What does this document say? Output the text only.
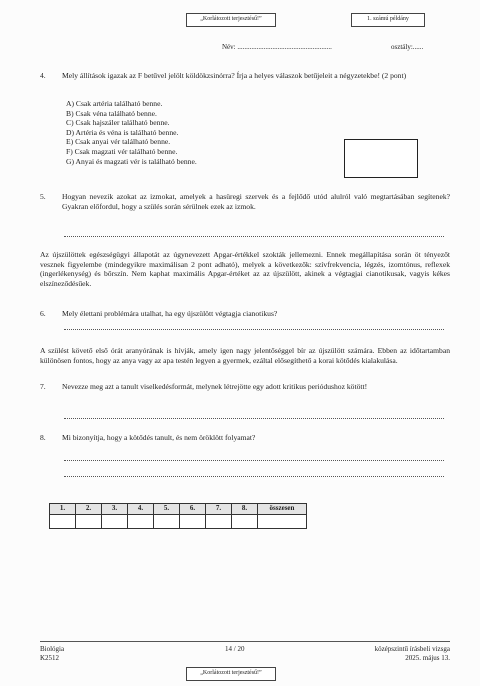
„Korlátozott terjesztésű!”	1. számú példány
Név: ......................................................	osztály:......
4. Mely állítások igazak az F betűvel jelölt köldökzsinórra? Írja a helyes válaszok betűjeleit a négyzetekbe! (2 pont)
A) Csak artéria található benne.
B) Csak véna található benne.
C) Csak hajszáler található benne.
D) Artéria és véna is található benne.
E) Csak anyai vér található benne.
F) Csak magzati vér található benne.
G) Anyai és magzati vér is található benne.
5. Hogyan nevezik azokat az izmokat, amelyek a hasüregi szervek és a fejlődő utód alulról való megtartásában segítenek? Gyakran előfordul, hogy a szülés során sérülnek ezek az izmok.
Az újszülöttek egészségügyi állapotát az úgynevezett Apgar-értékkel szokták jellemezni. Ennek megállapítása során öt tényezőt vesznek figyelembe (mindegyikre maximálisan 2 pont adható), melyek a következők: szívfrekvencia, légzés, izomtónus, reflexek (ingerlékenység) és bőrszín. Nem kaphat maximális Apgar-értéket az az újszülött, akinek a végtagjai cianotikusak, vagyis kékes elszíneződésűek.
6. Mely élettani problémára utalhat, ha egy újszülött végtagja cianotikus?
A szülést követő első órát aranyórának is hívják, amely igen nagy jelentőséggel bír az újszülött számára. Ebben az időtartamban különösen fontos, hogy az anya vagy az apa testén legyen a gyermek, ezáltal elősegíthető a korai kötődés kialakulása.
7. Nevezze meg azt a tanult viselkedésformát, melynek létrejötte egy adott kritikus periódushoz kötött!
8. Mi bizonyítja, hogy a kötődés tanult, és nem öröklött folyamat?
1.	2.	3.	4.	5.	6.	7.	8.	összesen

Biológia
K2512
14 / 20	középszintű írásbeli vizsga
2025. május 13.
„Korlátozott terjesztésű!”
